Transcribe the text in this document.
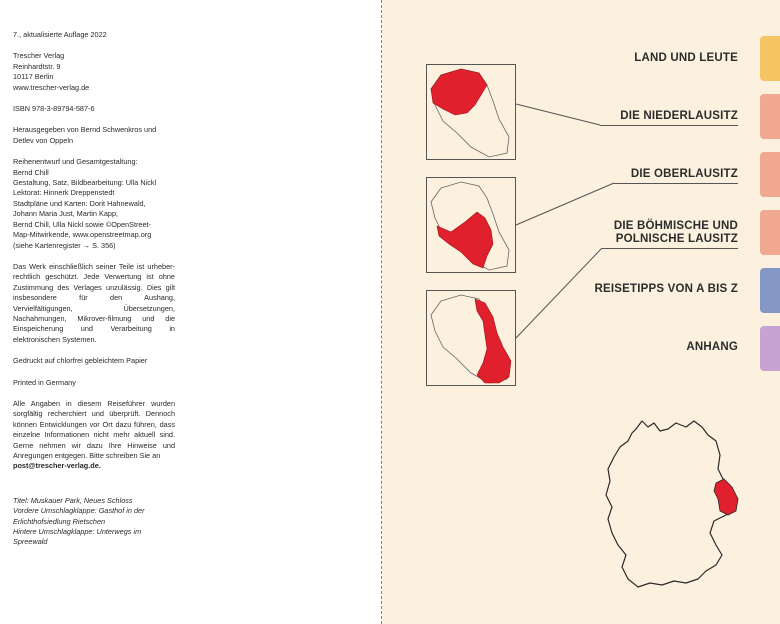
7., aktualisierte Auflage 2022

Trescher Verlag
Reinhardtstr. 9
10117 Berlin
www.trescher-verlag.de

ISBN 978-3-89794-587-6

Herausgegeben von Bernd Schwenkros und
Detlev von Oppeln

Reihenentwurf und Gesamtgestaltung:
Bernd Chill
Gestaltung, Satz, Bildbearbeitung: Ulla Nickl
Lektorat: Hinnerk Dreppenstedt
Stadtpläne und Karten: Dorit Hahnewald,
Johann Maria Just, Martin Kapp,
Bernd Chill, Ulla Nickl sowie ©OpenStreet-
Map-Mitwirkende, www.openstreetmap.org
(siehe Kartenregister → S. 356)

Das Werk einschließlich seiner Teile ist urheber-rechtlich geschützt. Jede Verwertung ist ohne Zustimmung des Verlages unzulässig. Dies gilt insbesondere für den Aushang, Vervielfältigungen, Übersetzungen, Nachahmungen, Mikrover-filmung und die Einspeicherung und Verarbeitung in elektronischen Systemen.

Gedruckt auf chlorfrei gebleichtem Papier

Printed in Germany

Alle Angaben in diesem Reiseführer wurden sorgfältig recherchiert und überprüft. Dennoch können Entwicklungen vor Ort dazu führen, dass einzelne Informationen nicht mehr aktuell sind. Gerne nehmen wir dazu Ihre Hinweise und Anregungen entgegen. Bitte schreiben Sie an

post@trescher-verlag.de.

Titel: Muskauer Park, Neues Schloss
Vordere Umschlagklappe: Gasthof in der
Erlichthofsiedlung Rietschen
Hintere Umschlagklappe: Unterwegs im
Spreewald

LAND UND LEUTE
DIE NIEDERLAUSITZ
DIE OBERLAUSITZ
DIE BÖHMISCHE UND
POLNISCHE LAUSITZ
REISETIPPS VON A BIS Z
ANHANG
